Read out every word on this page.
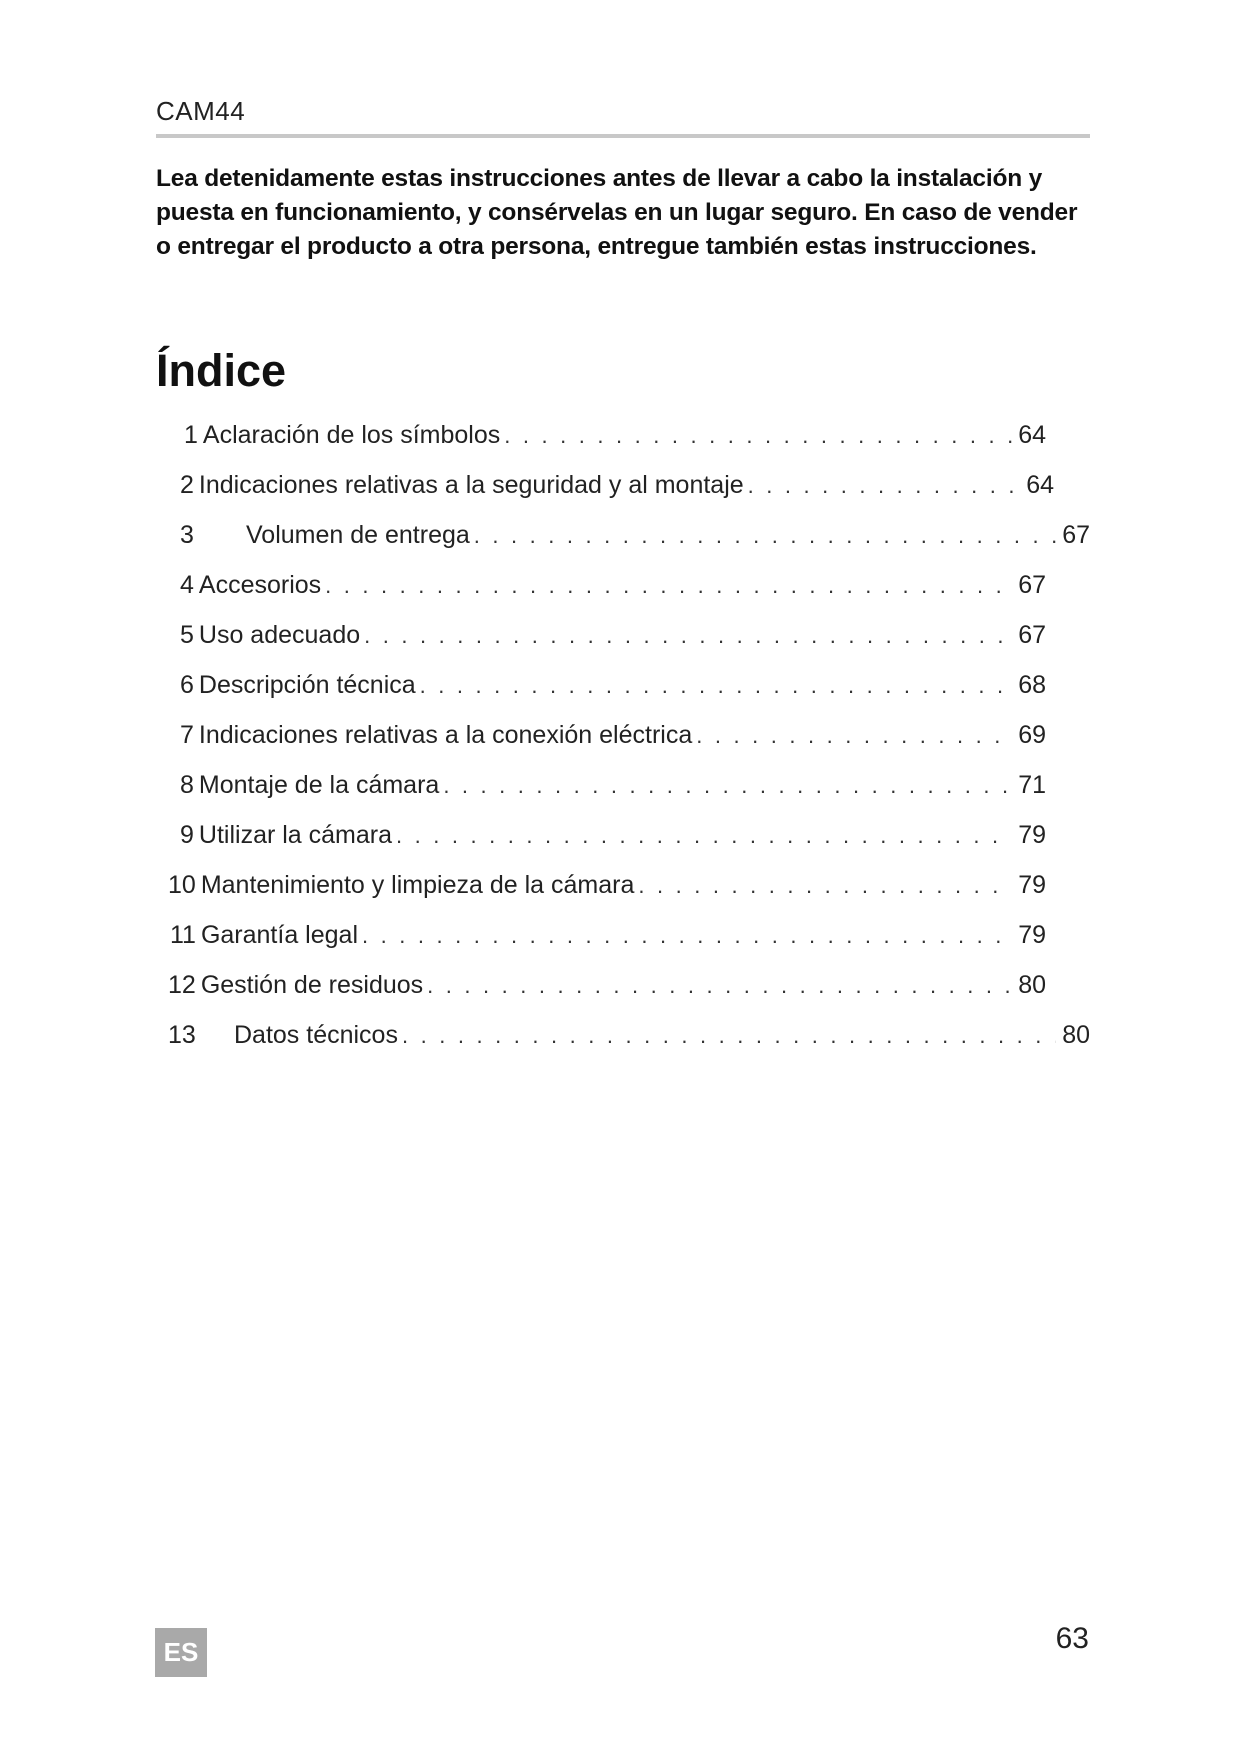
CAM44

Lea detenidamente estas instrucciones antes de llevar a cabo la instalación y puesta en funcionamiento, y consérvelas en un lugar seguro. En caso de vender o entregar el producto a otra persona, entregue también estas instrucciones.

Índice
1 Aclaración de los símbolos . . .	64
2 Indicaciones relativas a la seguridad y al montaje . . .	64
3	Volumen de entrega . . .	67
4 Accesorios . . .	67
5 Uso adecuado . . .	67
6 Descripción técnica . . .	68
7 Indicaciones relativas a la conexión eléctrica . . .	69
8 Montaje de la cámara . . .	71
9 Utilizar la cámara . . .	79
10 Mantenimiento y limpieza de la cámara . . .	79
11 Garantía legal . . .	79
12 Gestión de residuos . . .	80
13	Datos técnicos . . .	80
ES	63
